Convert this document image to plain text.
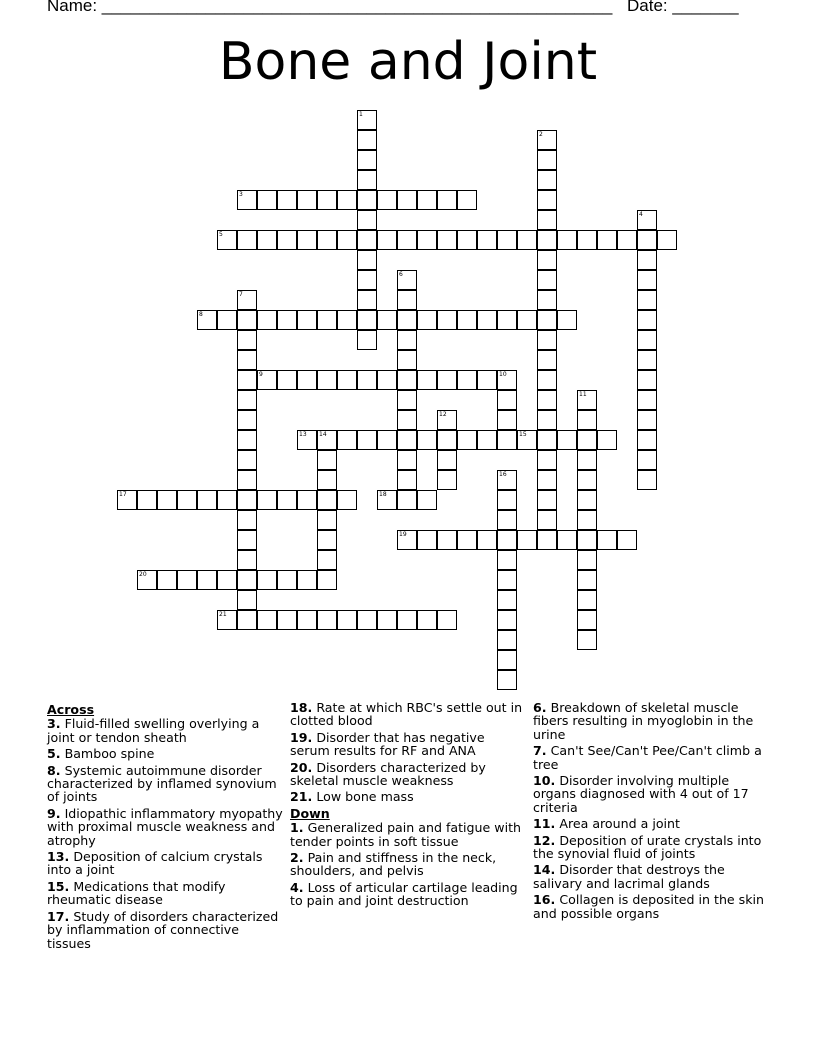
Name: ______________________________________________________ Date: _______
Bone and Joint
1
2
3
4
5
6
7
8
9	10
11
12
13 14	15
16
17	18
19
20
21
Across
3. Fluid-filled swelling overlying a joint or tendon sheath
5. Bamboo spine
8. Systemic autoimmune disorder characterized by inflamed synovium of joints
9. Idiopathic inflammatory myopathy with proximal muscle weakness and atrophy
13. Deposition of calcium crystals into a joint
15. Medications that modify rheumatic disease
17. Study of disorders characterized by inflammation of connective tissues
18. Rate at which RBC's settle out in clotted blood
19. Disorder that has negative serum results for RF and ANA
20. Disorders characterized by skeletal muscle weakness
21. Low bone mass
Down
1. Generalized pain and fatigue with tender points in soft tissue
2. Pain and stiffness in the neck, shoulders, and pelvis
4. Loss of articular cartilage leading to pain and joint destruction
6. Breakdown of skeletal muscle fibers resulting in myoglobin in the urine
7. Can't See/Can't Pee/Can't climb a tree
10. Disorder involving multiple organs diagnosed with 4 out of 17 criteria
11. Area around a joint
12. Deposition of urate crystals into the synovial fluid of joints
14. Disorder that destroys the salivary and lacrimal glands
16. Collagen is deposited in the skin and possible organs
